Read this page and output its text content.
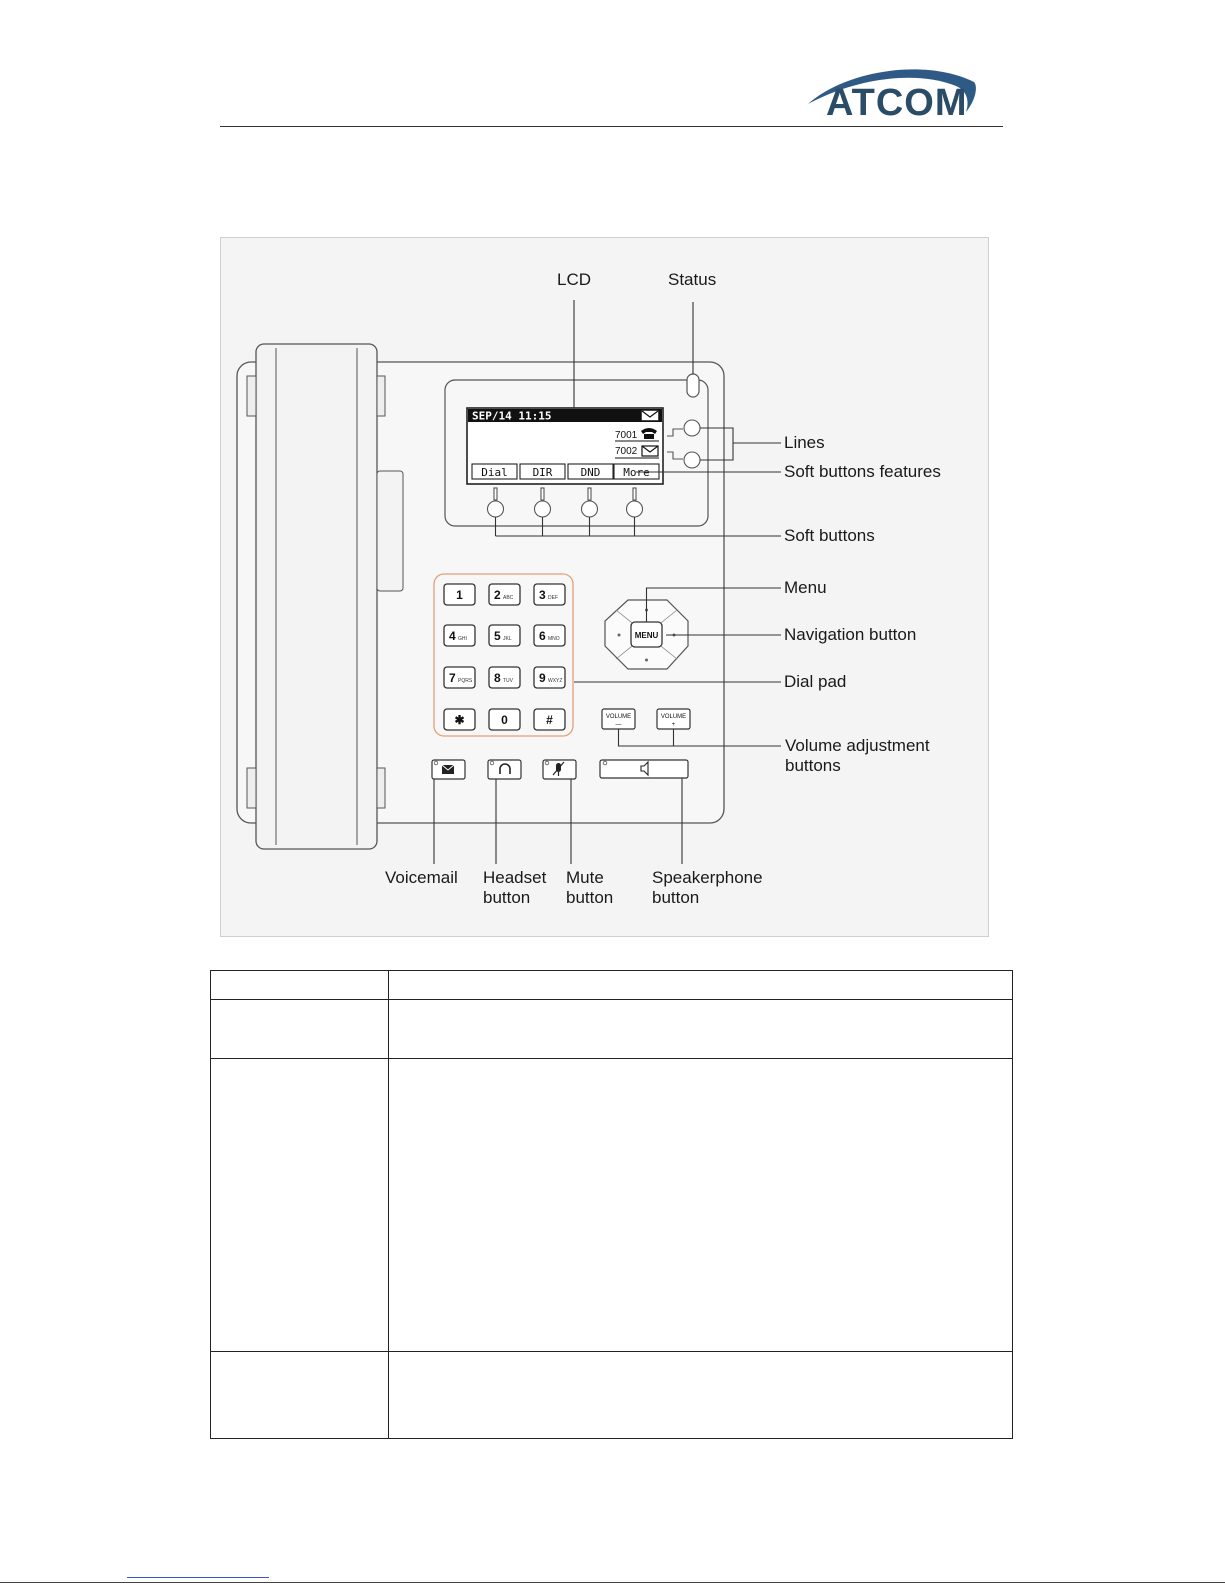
ATCOM
SEP/14 11:15
7001
7002
Dial DIR	DND More
1	2 ABC 3 DEF
4 GHI 5 JKL 6 MNO
7 PQRS 8 TUV 9 WXYZ
✱	0	#
MENU
VOLUME
—
VOLUME
+
LCD	Status
Lines
Soft buttons features
Soft buttons
Menu
Navigation button
Dial pad
Volume adjustment
buttons
Voicemail Headset
button
Mute
button
Speakerphone
button
